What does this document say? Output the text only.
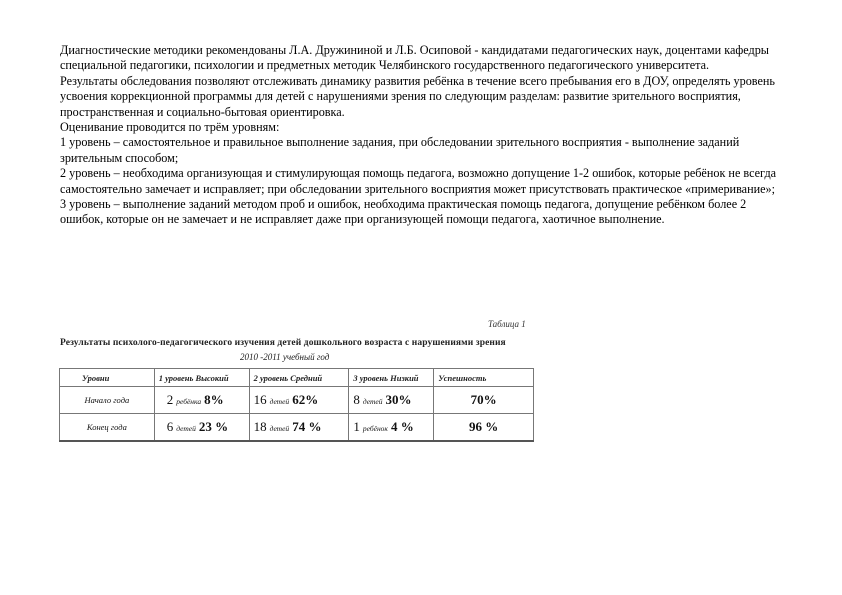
Диагностические методики рекомендованы Л.А. Дружининой и Л.Б. Осиповой - кандидатами педагогических наук, доцентами кафедры специальной педагогики, психологии и предметных методик Челябинского государственного педагогического университета.

Результаты обследования позволяют отслеживать динамику развития ребёнка в течение всего пребывания его в ДОУ, определять уровень усвоения коррекционной программы для детей с нарушениями зрения по следующим разделам: развитие зрительного восприятия, пространственная и социально-бытовая ориентировка.

Оценивание проводится по трём уровням:

1 уровень – самостоятельное и правильное выполнение задания, при обследовании зрительного восприятия - выполнение заданий зрительным способом;

2 уровень – необходима организующая и стимулирующая помощь педагога, возможно допущение 1-2 ошибок, которые ребёнок не всегда самостоятельно замечает и исправляет; при обследовании зрительного восприятия может присутствовать практическое «примеривание»;

3 уровень – выполнение заданий методом проб и ошибок, необходима практическая помощь педагога, допущение ребёнком более 2 ошибок, которые он не замечает и не исправляет даже при организующей помощи педагога, хаотичное выполнение.

Таблица 1
Результаты психолого-педагогического изучения детей дошкольного возраста с нарушениями зрения
2010 -2011 учебный год
Уровни	1 уровень Высокий	2 уровень Средний	3 уровень Низкий	Успешность
Начало года	2 ребёнка 8%	16 детей 62%	8 детей 30%	70%
Конец года	6 детей 23 %	18 детей 74 %	1 ребёнок 4 %	96 %
